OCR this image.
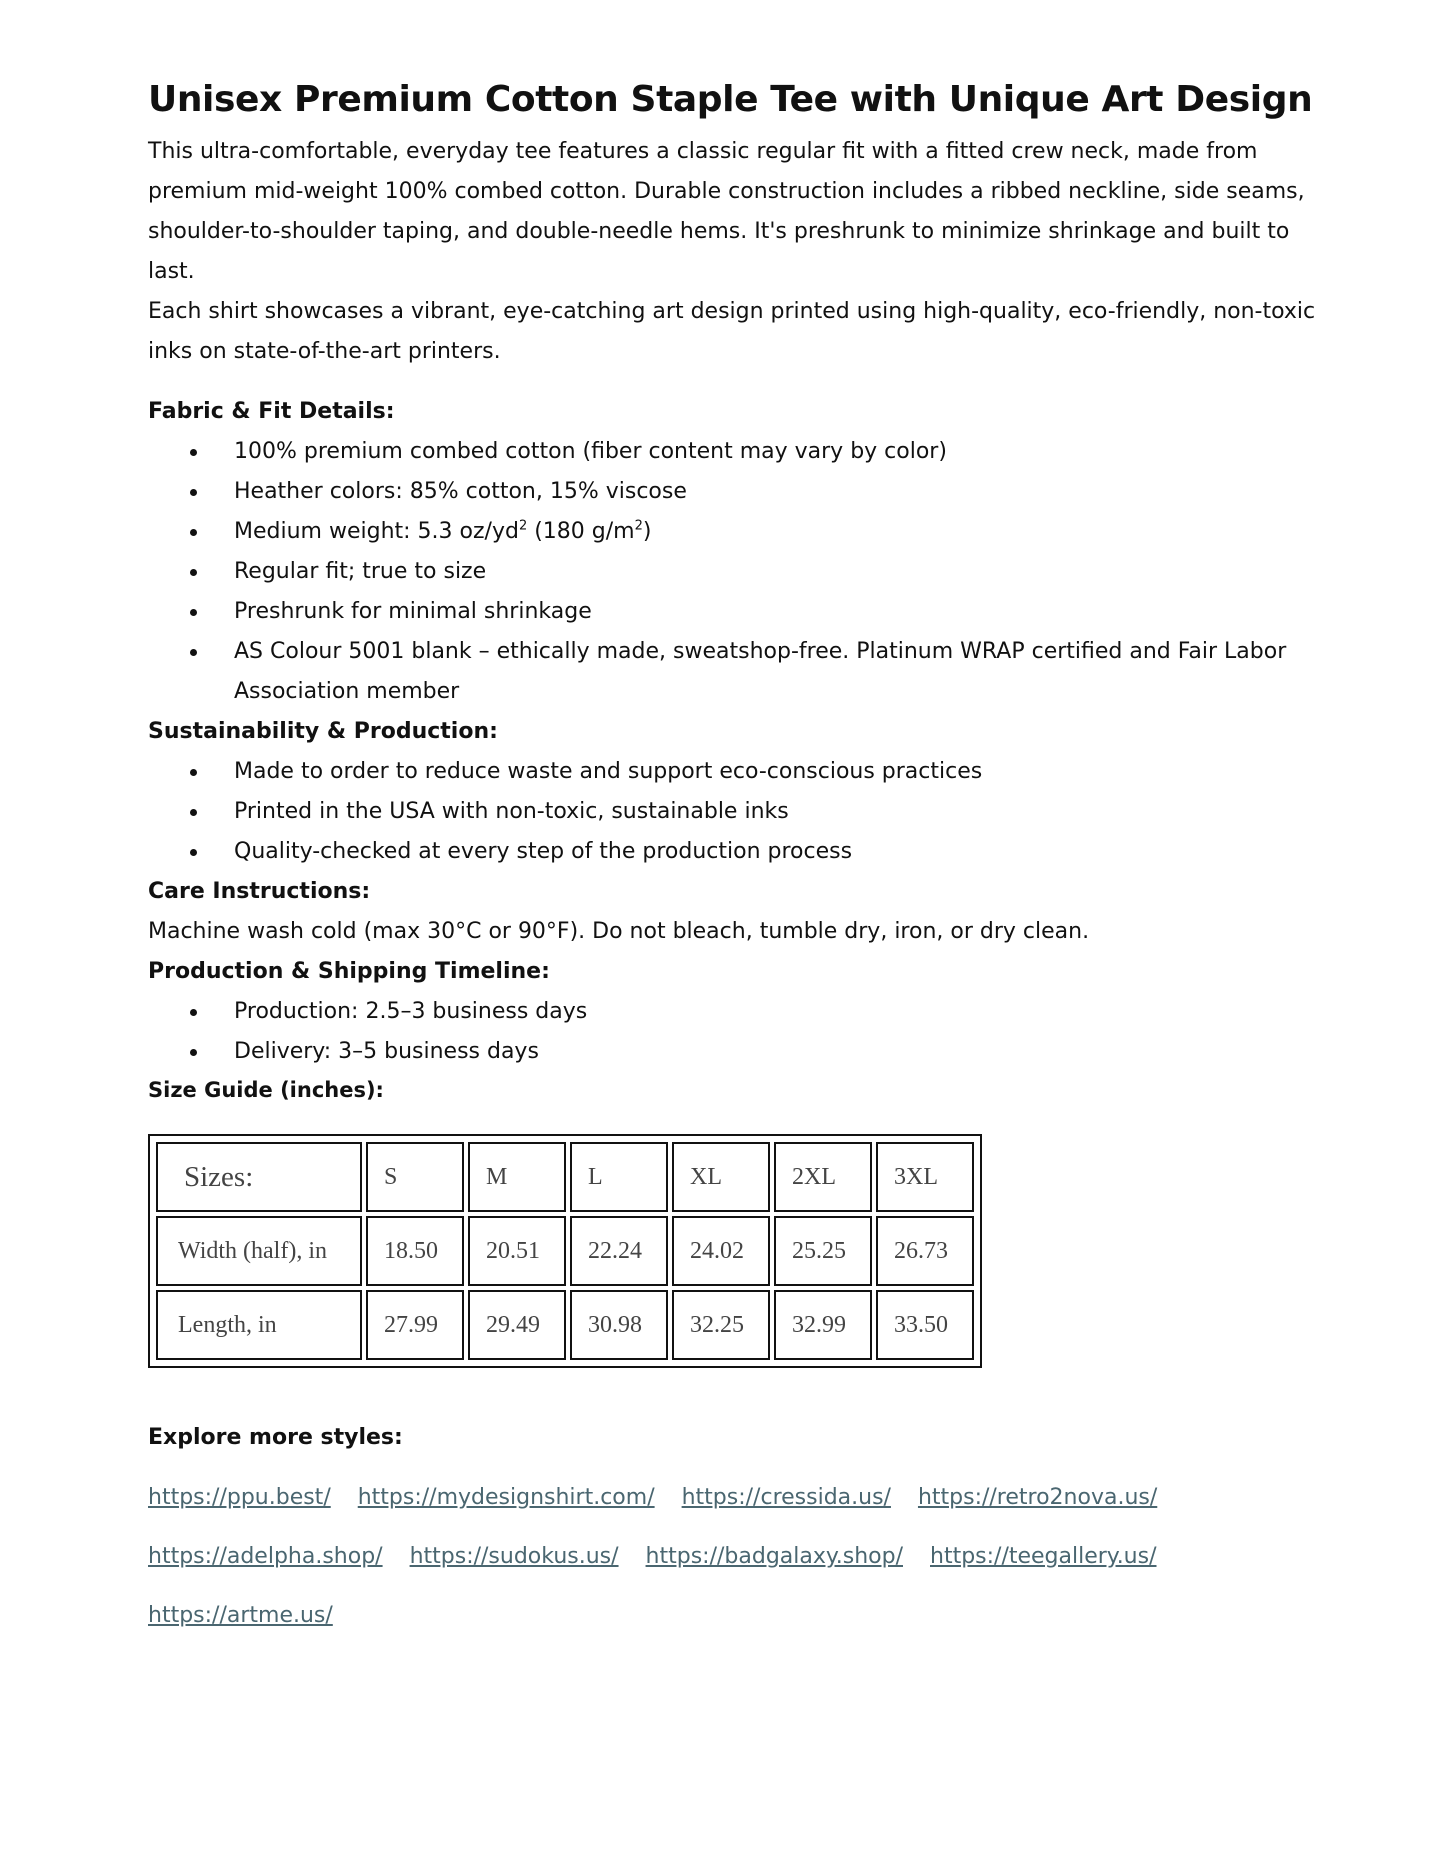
Unisex Premium Cotton Staple Tee with Unique Art Design

This ultra-comfortable, everyday tee features a classic regular fit with a fitted crew neck, made from premium mid-weight 100% combed cotton. Durable construction includes a ribbed neckline, side seams, shoulder-to-shoulder taping, and double-needle hems. It's preshrunk to minimize shrinkage and built to last.

Each shirt showcases a vibrant, eye-catching art design printed using high-quality, eco-friendly, non-toxic inks on state-of-the-art printers.

Fabric & Fit Details:
100% premium combed cotton (fiber content may vary by color)
Heather colors: 85% cotton, 15% viscose
Medium weight: 5.3 $oz/yd^2$ (180 $g/m^2$)
Regular fit; true to size
Preshrunk for minimal shrinkage
AS Colour 5001 blank – ethically made, sweatshop-free. Platinum WRAP certified and Fair Labor Association member
Sustainability & Production:
Made to order to reduce waste and support eco-conscious practices
Printed in the USA with non-toxic, sustainable inks
Quality-checked at every step of the production process
Care Instructions:

Machine wash cold (max 30°C or 90°F). Do not bleach, tumble dry, iron, or dry clean.

Production & Shipping Timeline:
Production: 2.5–3 business days
Delivery: 3–5 business days
Size Guide (inches):
Sizes:	S	M	L	XL	2XL	3XL
Width (half), in	18.50	20.51	22.24	24.02	25.25	26.73
Length, in	27.99	29.49	30.98	32.25	32.99	33.50
Explore more styles:
https://ppu.best/ https://mydesignshirt.com/ https://cressida.us/ https://retro2nova.us/
https://adelpha.shop/ https://sudokus.us/ https://badgalaxy.shop/ https://teegallery.us/
https://artme.us/
